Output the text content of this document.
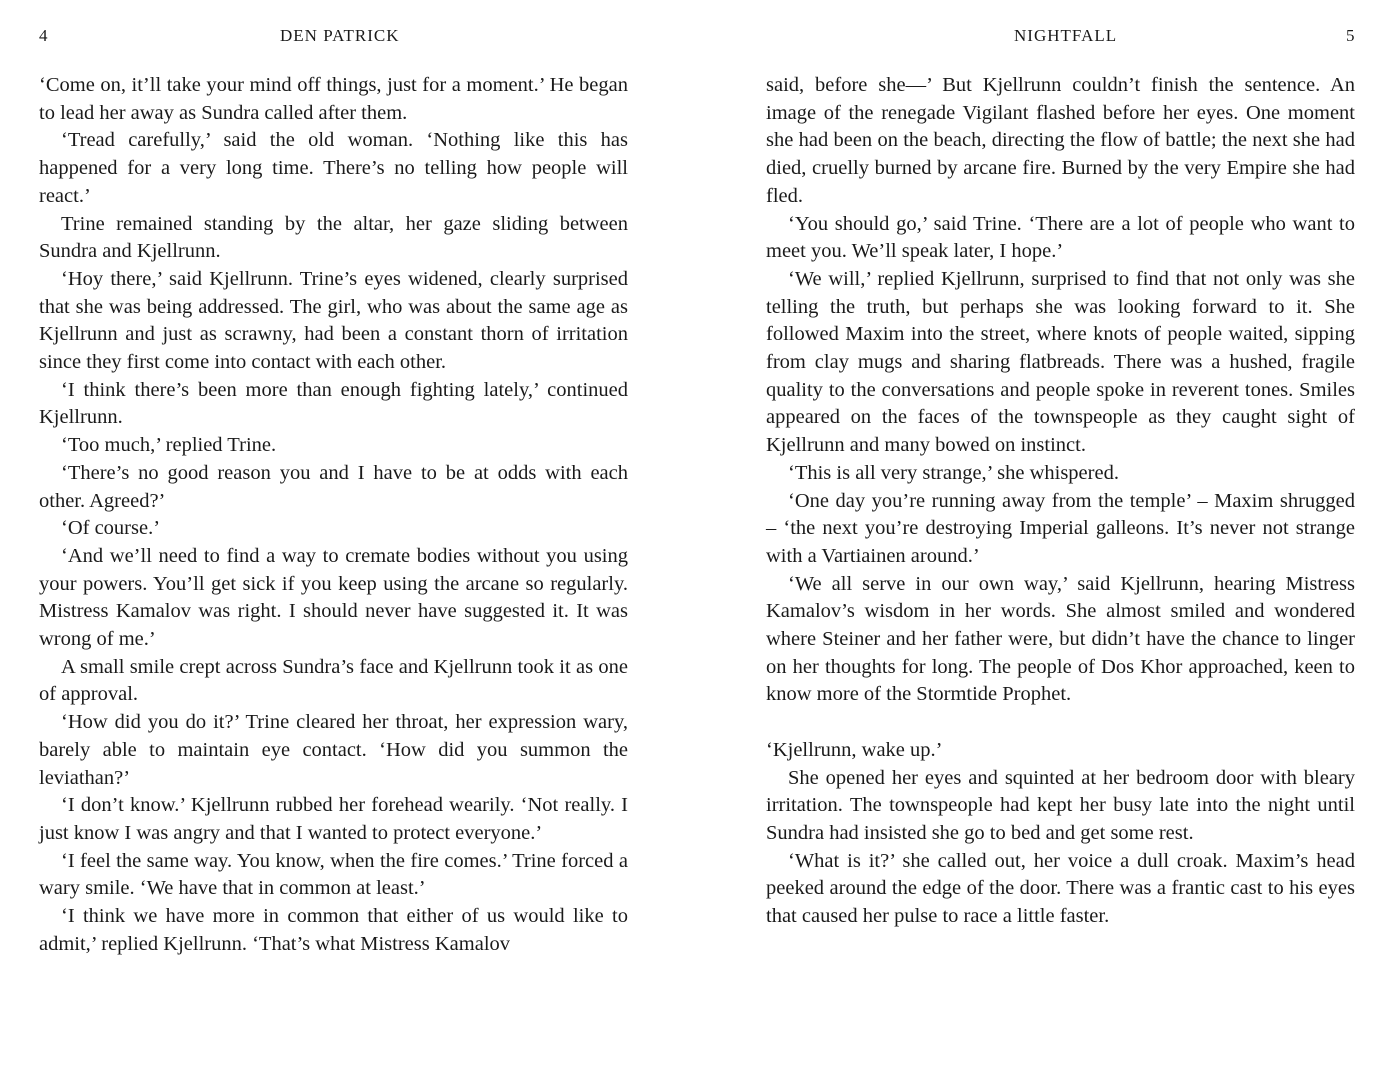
4	DEN PATRICK

‘Come on, it’ll take your mind off things, just for a moment.’ He began to lead her away as Sundra called after them.

‘Tread carefully,’ said the old woman. ‘Nothing like this has happened for a very long time. There’s no telling how people will react.’

Trine remained standing by the altar, her gaze sliding between Sundra and Kjellrunn.

‘Hoy there,’ said Kjellrunn. Trine’s eyes widened, clearly surprised that she was being addressed. The girl, who was about the same age as Kjellrunn and just as scrawny, had been a constant thorn of irritation since they first come into contact with each other.

‘I think there’s been more than enough fighting lately,’ continued Kjellrunn.

‘Too much,’ replied Trine.

‘There’s no good reason you and I have to be at odds with each other. Agreed?’

‘Of course.’

‘And we’ll need to find a way to cremate bodies without you using your powers. You’ll get sick if you keep using the arcane so regularly. Mistress Kamalov was right. I should never have suggested it. It was wrong of me.’

A small smile crept across Sundra’s face and Kjellrunn took it as one of approval.

‘How did you do it?’ Trine cleared her throat, her expression wary, barely able to maintain eye contact. ‘How did you summon the leviathan?’

‘I don’t know.’ Kjellrunn rubbed her forehead wearily. ‘Not really. I just know I was angry and that I wanted to protect everyone.’

‘I feel the same way. You know, when the fire comes.’ Trine forced a wary smile. ‘We have that in common at least.’

‘I think we have more in common that either of us would like to admit,’ replied Kjellrunn. ‘That’s what Mistress Kamalov

NIGHTFALL	5

said, before she—’ But Kjellrunn couldn’t finish the sentence. An image of the renegade Vigilant flashed before her eyes. One moment she had been on the beach, directing the flow of battle; the next she had died, cruelly burned by arcane fire. Burned by the very Empire she had fled.

‘You should go,’ said Trine. ‘There are a lot of people who want to meet you. We’ll speak later, I hope.’

‘We will,’ replied Kjellrunn, surprised to find that not only was she telling the truth, but perhaps she was looking forward to it. She followed Maxim into the street, where knots of people waited, sipping from clay mugs and sharing flatbreads. There was a hushed, fragile quality to the conversations and people spoke in reverent tones. Smiles appeared on the faces of the townspeople as they caught sight of Kjellrunn and many bowed on instinct.

‘This is all very strange,’ she whispered.

‘One day you’re running away from the temple’ – Maxim shrugged – ‘the next you’re destroying Imperial galleons. It’s never not strange with a Vartiainen around.’

‘We all serve in our own way,’ said Kjellrunn, hearing Mistress Kamalov’s wisdom in her words. She almost smiled and wondered where Steiner and her father were, but didn’t have the chance to linger on her thoughts for long. The people of Dos Khor approached, keen to know more of the Stormtide Prophet.

‘Kjellrunn, wake up.’

She opened her eyes and squinted at her bedroom door with bleary irritation. The townspeople had kept her busy late into the night until Sundra had insisted she go to bed and get some rest.

‘What is it?’ she called out, her voice a dull croak. Maxim’s head peeked around the edge of the door. There was a frantic cast to his eyes that caused her pulse to race a little faster.
